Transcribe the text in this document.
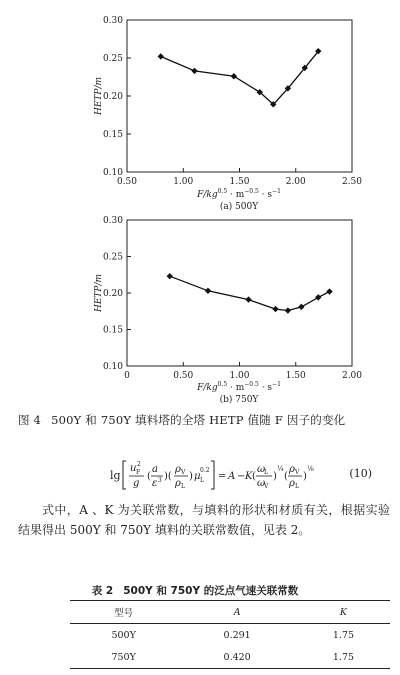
0.10
0.15
0.20
0.25
0.30
0.50	1.00	1.50	2.00	2.50
HETP/m
$F/kg^{0.5} \cdot m^{-0.5} \cdot s^{-1}$
(a) 500Y
0.10
0.15
0.20
0.25
0.30
0	0.50	1.00	1.50	2.00
HETP/m
$F/kg^{0.5} \cdot m^{-0.5} \cdot s^{-1}$
(b) 750Y
图 4 500Y 和 750Y 填料塔的全塔 HETP 值随 F 因子的变化
lg
u F
2
g
(
a
ε 3 )(
ρ V
ρ L
) μ L
0.2
= A − K (
ω
L
ω
V
)
¼
(
ρ V
ρ L
)
⅛	(10)
式中，A 、K 为关联常数，与填料的形状和材质有关，根据实验结果得出 500Y 和 750Y 填料的关联常数值，见表 2。
表 2 500Y 和 750Y 的泛点气速关联常数
型号	A	K
500Y	0.291	1.75
750Y	0.420	1.75
